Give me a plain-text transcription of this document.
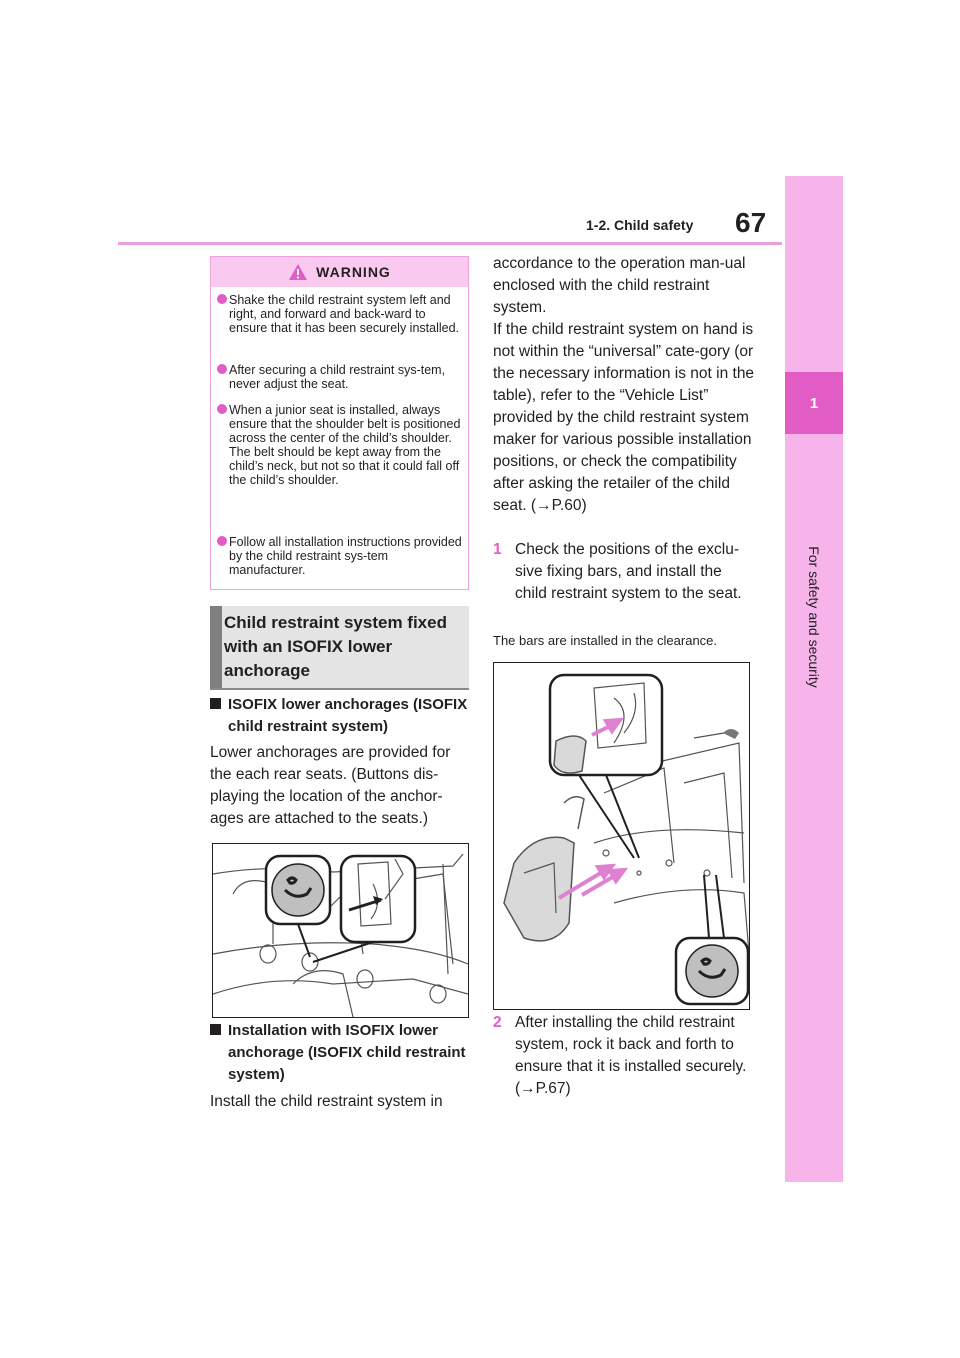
1-2. Child safety 67
1
For safety and security
WARNING
Shake the child restraint system left and right, and forward and back-ward to ensure that it has been securely installed.
After securing a child restraint sys-tem, never adjust the seat.
When a junior seat is installed, always ensure that the shoulder belt is positioned across the center of the child’s shoulder. The belt should be kept away from the child’s neck, but not so that it could fall off the child’s shoulder.
Follow all installation instructions provided by the child restraint sys-tem manufacturer.
Child restraint system fixed with an ISOFIX lower anchorage
ISOFIX lower anchorages (ISOFIX child restraint system)
Lower anchorages are provided for the each rear seats. (Buttons dis-playing the location of the anchor-ages are attached to the seats.)
Installation with ISOFIX lower anchorage (ISOFIX child restraint system)
Install the child restraint system in
accordance to the operation man-ual enclosed with the child restraint system.
If the child restraint system on hand is not within the “universal” cate-gory (or the necessary information is not in the table), refer to the “Vehicle List” provided by the child restraint system maker for various possible installation positions, or check the compatibility after asking the retailer of the child seat. (→P.60)
1 Check the positions of the exclu-sive fixing bars, and install the child restraint system to the seat.
The bars are installed in the clearance.
2 After installing the child restraint system, rock it back and forth to ensure that it is installed securely. (→P.67)
